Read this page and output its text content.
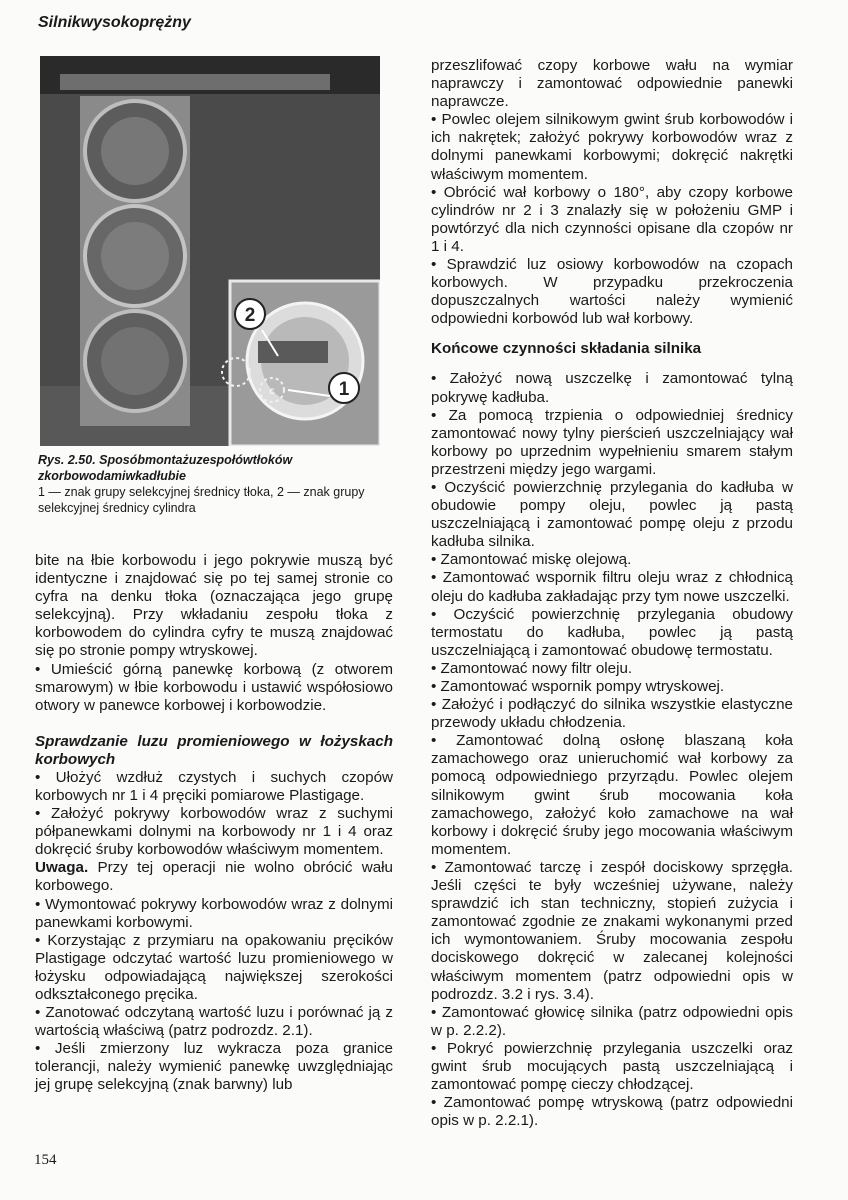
Silnikwysokoprężny
2
1
c
Rys. 2.50. Sposóbmontażuzespołówtłoków zkorbowodamiwkadłubie
1 — znak grupy selekcyjnej średnicy tłoka, 2 — znak grupy selekcyjnej średnicy cylindra

bite na łbie korbowodu i jego pokrywie muszą być identyczne i znajdować się po tej samej stronie co cyfra na denku tłoka (oznaczająca jego grupę selekcyjną). Przy wkładaniu zespołu tłoka z korbowodem do cylindra cyfry te muszą znajdować się po stronie pompy wtryskowej.

• Umieścić górną panewkę korbową (z otworem smarowym) w łbie korbowodu i ustawić współosiowo otwory w panewce korbowej i korbowodzie.

Sprawdzanie luzu promieniowego w łożyskach korbowych

• Ułożyć wzdłuż czystych i suchych czopów korbowych nr 1 i 4 pręciki pomiarowe Plastigage.

• Założyć pokrywy korbowodów wraz z suchymi półpanewkami dolnymi na korbowody nr 1 i 4 oraz dokręcić śruby korbowodów właściwym momentem.

Uwaga. Przy tej operacji nie wolno obrócić wału korbowego.

• Wymontować pokrywy korbowodów wraz z dolnymi panewkami korbowymi.

• Korzystając z przymiaru na opakowaniu pręcików Plastigage odczytać wartość luzu promieniowego w łożysku odpowiadającą największej szerokości odkształconego pręcika.

• Zanotować odczytaną wartość luzu i porównać ją z wartością właściwą (patrz podrozdz. 2.1).

• Jeśli zmierzony luz wykracza poza granice tolerancji, należy wymienić panewkę uwzględniając jej grupę selekcyjną (znak barwny) lub

przeszlifować czopy korbowe wału na wymiar naprawczy i zamontować odpowiednie panewki naprawcze.

• Powlec olejem silnikowym gwint śrub korbowodów i ich nakrętek; założyć pokrywy korbowodów wraz z dolnymi panewkami korbowymi; dokręcić nakrętki właściwym momentem.

• Obrócić wał korbowy o 180°, aby czopy korbowe cylindrów nr 2 i 3 znalazły się w położeniu GMP i powtórzyć dla nich czynności opisane dla czopów nr 1 i 4.

• Sprawdzić luz osiowy korbowodów na czopach korbowych. W przypadku przekroczenia dopuszczalnych wartości należy wymienić odpowiedni korbowód lub wał korbowy.

Końcowe czynności składania silnika

• Założyć nową uszczelkę i zamontować tylną pokrywę kadłuba.

• Za pomocą trzpienia o odpowiedniej średnicy zamontować nowy tylny pierścień uszczelniający wał korbowy po uprzednim wypełnieniu smarem stałym przestrzeni między jego wargami.

• Oczyścić powierzchnię przylegania do kadłuba w obudowie pompy oleju, powlec ją pastą uszczelniającą i zamontować pompę oleju z przodu kadłuba silnika.

• Zamontować miskę olejową.

• Zamontować wspornik filtru oleju wraz z chłodnicą oleju do kadłuba zakładając przy tym nowe uszczelki.

• Oczyścić powierzchnię przylegania obudowy termostatu do kadłuba, powlec ją pastą uszczelniającą i zamontować obudowę termostatu.

• Zamontować nowy filtr oleju.

• Zamontować wspornik pompy wtryskowej.

• Założyć i podłączyć do silnika wszystkie elastyczne przewody układu chłodzenia.

• Zamontować dolną osłonę blaszaną koła zamachowego oraz unieruchomić wał korbowy za pomocą odpowiedniego przyrządu. Powlec olejem silnikowym gwint śrub mocowania koła zamachowego, założyć koło zamachowe na wał korbowy i dokręcić śruby jego mocowania właściwym momentem.

• Zamontować tarczę i zespół dociskowy sprzęgła. Jeśli części te były wcześniej używane, należy sprawdzić ich stan techniczny, stopień zużycia i zamontować zgodnie ze znakami wykonanymi przed ich wymontowaniem. Śruby mocowania zespołu dociskowego dokręcić w zalecanej kolejności właściwym momentem (patrz odpowiedni opis w podrozdz. 3.2 i rys. 3.4).

• Zamontować głowicę silnika (patrz odpowiedni opis w p. 2.2.2).

• Pokryć powierzchnię przylegania uszczelki oraz gwint śrub mocujących pastą uszczelniającą i zamontować pompę cieczy chłodzącej.

• Zamontować pompę wtryskową (patrz odpowiedni opis w p. 2.2.1).

154
